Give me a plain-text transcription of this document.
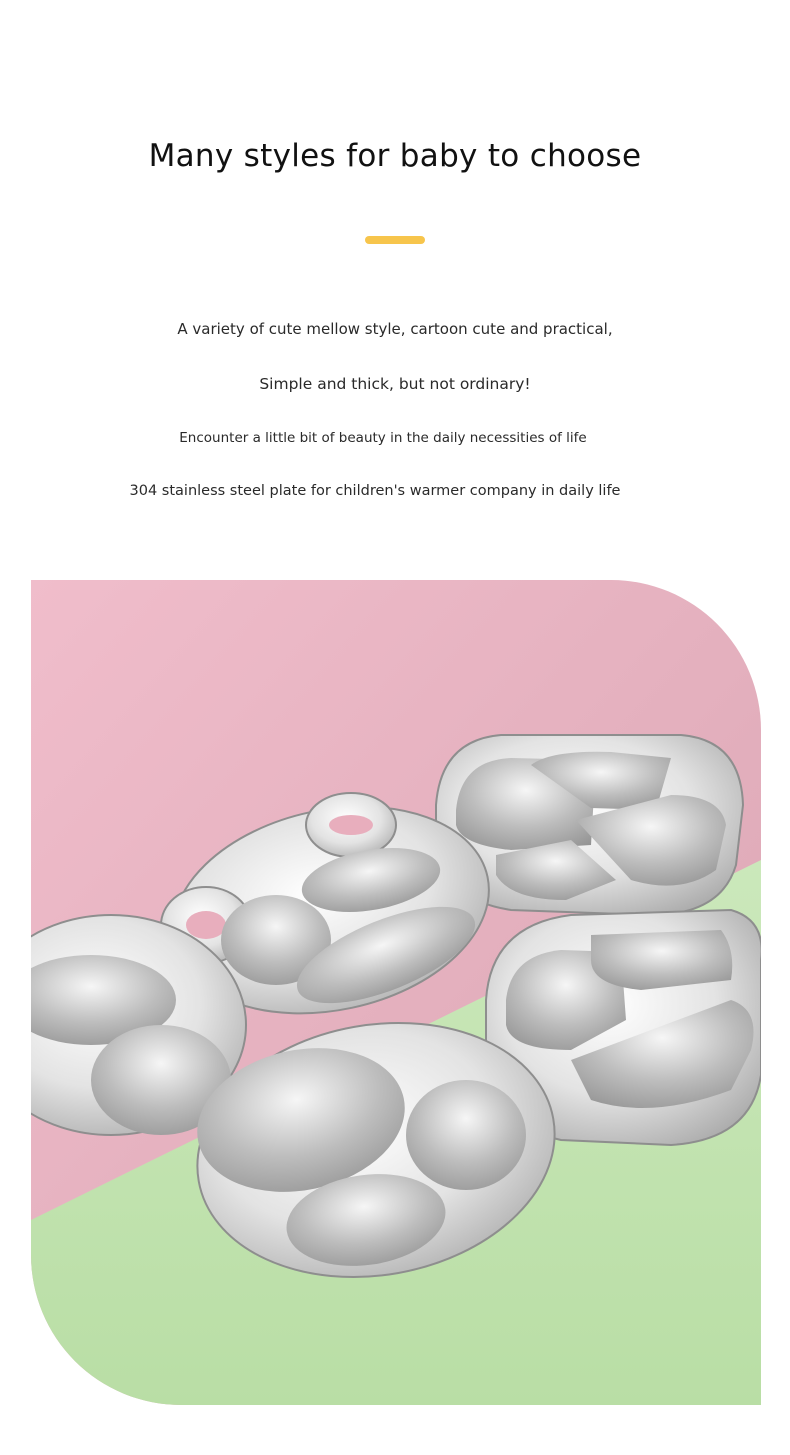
Many styles for baby to choose
A variety of cute mellow style, cartoon cute and practical,
Simple and thick, but not ordinary!
Encounter a little bit of beauty in the daily necessities of life
304 stainless steel plate for children's warmer company in daily life
